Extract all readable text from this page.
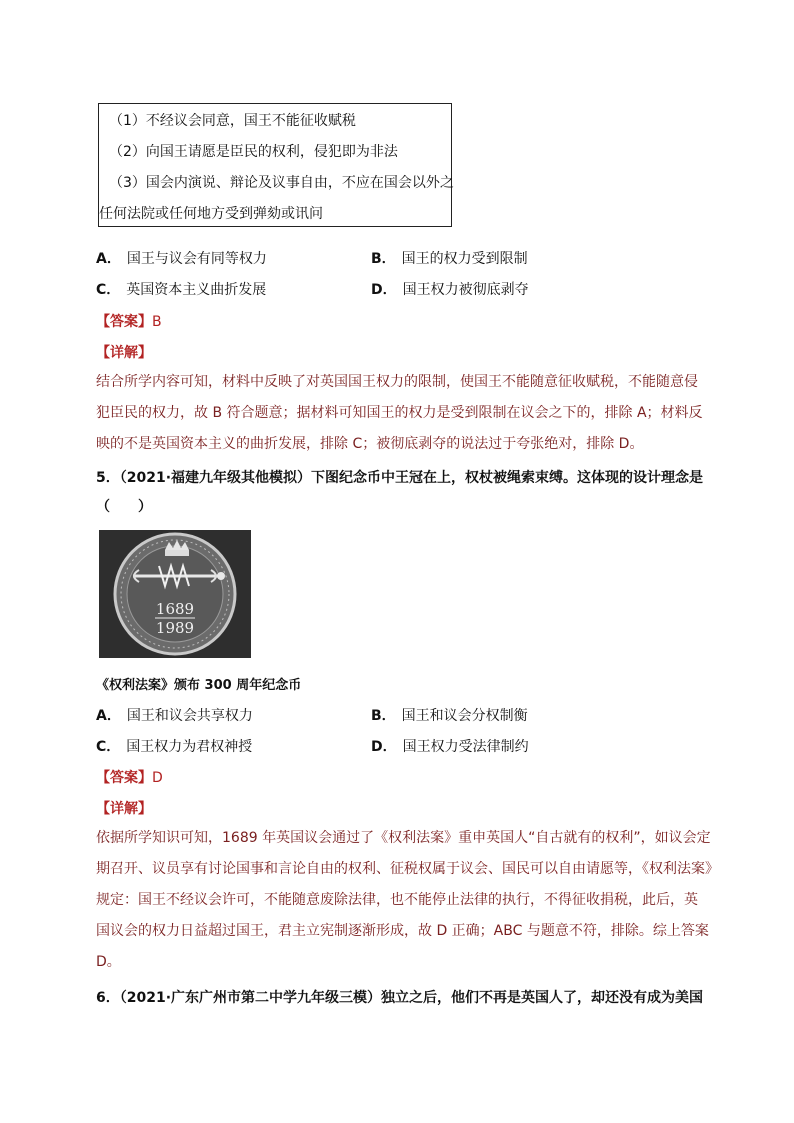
（1）不经议会同意，国王不能征收赋税
（2）向国王请愿是臣民的权利，侵犯即为非法
（3）国会内演说、辩论及议事自由，不应在国会以外之
任何法院或任何地方受到弹劾或讯问
A． 国王与议会有同等权力	B． 国王的权力受到限制
C． 英国资本主义曲折发展	D． 国王权力被彻底剥夺
【答案】B
【详解】
结合所学内容可知，材料中反映了对英国国王权力的限制，使国王不能随意征收赋税，不能随意侵
犯臣民的权力，故 B 符合题意；据材料可知国王的权力是受到限制在议会之下的，排除 A；材料反
映的不是英国资本主义的曲折发展，排除 C；被彻底剥夺的说法过于夸张绝对，排除 D。
5．（2021·福建九年级其他模拟）下图纪念币中王冠在上，权杖被绳索束缚。这体现的设计理念是
（　　）
1689
1989
《权利法案》颁布 300 周年纪念币
A． 国王和议会共享权力	B． 国王和议会分权制衡
C． 国王权力为君权神授	D． 国王权力受法律制约
【答案】D
【详解】
依据所学知识可知，1689 年英国议会通过了《权利法案》重申英国人“自古就有的权利”，如议会定
期召开、议员享有讨论国事和言论自由的权利、征税权属于议会、国民可以自由请愿等，《权利法案》
规定：国王不经议会许可，不能随意废除法律，也不能停止法律的执行，不得征收捐税，此后，英
国议会的权力日益超过国王，君主立宪制逐渐形成，故 D 正确；ABC 与题意不符，排除。综上答案
D。
6．（2021·广东广州市第二中学九年级三模）独立之后，他们不再是英国人了，却还没有成为美国
